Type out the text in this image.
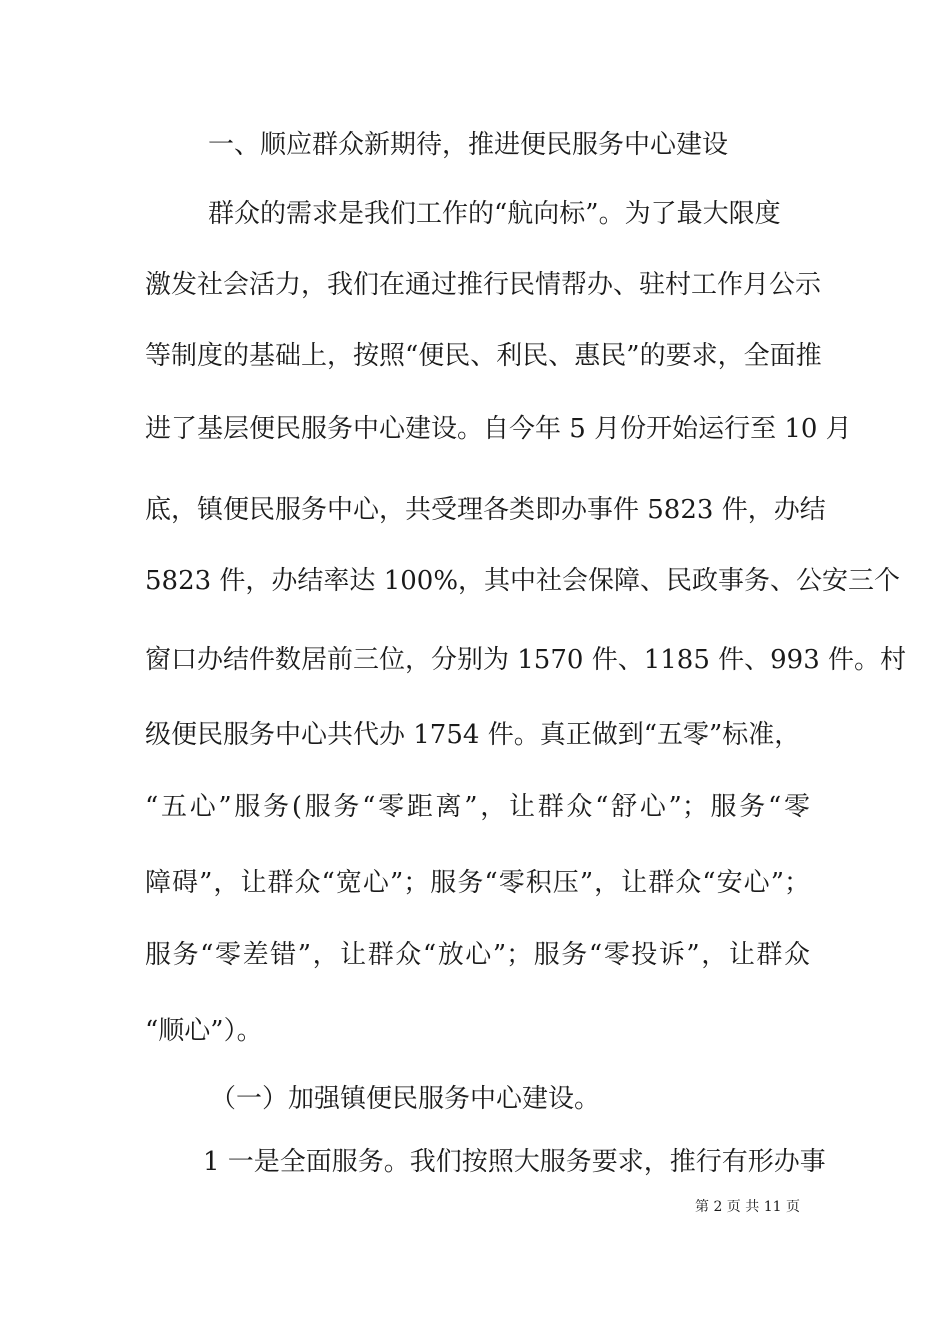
一、顺应群众新期待，推进便民服务中心建设
群众的需求是我们工作的“航向标”。为了最大限度
激发社会活力，我们在通过推行民情帮办、驻村工作月公示
等制度的基础上，按照“便民、利民、惠民”的要求，全面推
进了基层便民服务中心建设。自今年 5 月份开始运行至 10 月
底，镇便民服务中心，共受理各类即办事件 5823 件，办结
5823 件，办结率达 100%，其中社会保障、民政事务、公安三个
窗口办结件数居前三位，分别为 1570 件、1185 件、993 件。村
级便民服务中心共代办 1754 件。真正做到“五零”标准，
“五心”服务(服务“零距离”，让群众“舒心”；服务“零
障碍”，让群众“宽心”；服务“零积压”，让群众“安心”；
服务“零差错”，让群众“放心”；服务“零投诉”，让群众
“顺心”）。
（一）加强镇便民服务中心建设。
1 一是全面服务。我们按照大服务要求，推行有形办事
第 2 页 共 11 页
